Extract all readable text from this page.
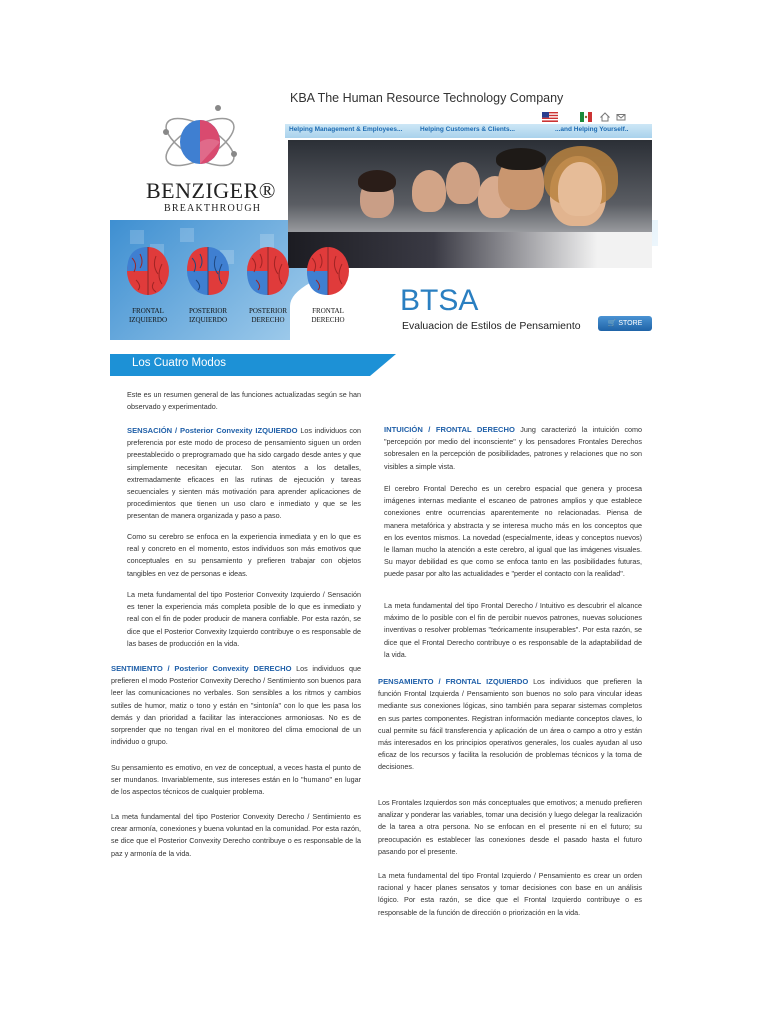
KBA The Human Resource Technology Company
BENZIGER®
BREAKTHROUGH
Helping Management & Employees...	Helping Customers & Clients...	...and Helping Yourself..
FRONTAL
IZQUIERDO
POSTERIOR
IZQUIERDO
POSTERIOR
DERECHO
FRONTAL
DERECHO
BTSA
Evaluacion de Estilos de Pensamiento	🛒 STORE
Los Cuatro Modos

Este es un resumen general de las funciones actualizadas según se han observado y experimentado.

SENSACIÓN / Posterior Convexity IZQUIERDO Los individuos con preferencia por este modo de proceso de pensamiento siguen un orden preestablecido o preprogramado que ha sido cargado desde antes y que simplemente necesitan ejecutar. Son atentos a los detalles, extremadamente eficaces en las rutinas de ejecución y tareas secuenciales y sienten más motivación para aprender aplicaciones de procedimientos que tienen un uso claro e inmediato y que se les presentan de manera organizada y paso a paso.

Como su cerebro se enfoca en la experiencia inmediata y en lo que es real y concreto en el momento, estos individuos son más emotivos que conceptuales en su pensamiento y prefieren trabajar con objetos tangibles en vez de personas e ideas.

La meta fundamental del tipo Posterior Convexity Izquierdo / Sensación es tener la experiencia más completa posible de lo que es inmediato y real con el fin de poder producir de manera confiable. Por esta razón, se dice que el Posterior Convexity Izquierdo contribuye o es responsable de las bases de producción en la vida.

SENTIMIENTO / Posterior Convexity DERECHO Los individuos que prefieren el modo Posterior Convexity Derecho / Sentimiento son buenos para leer las comunicaciones no verbales. Son sensibles a los ritmos y cambios sutiles de humor, matiz o tono y están en "sintonía" con lo que les pasa los demás y dan prioridad a facilitar las interacciones armoniosas. No es de sorprender que no tengan rival en el monitoreo del clima emocional de un individuo o grupo.

Su pensamiento es emotivo, en vez de conceptual, a veces hasta el punto de ser mundanos. Invariablemente, sus intereses están en lo "humano" en lugar de los aspectos técnicos de cualquier problema.

La meta fundamental del tipo Posterior Convexity Derecho / Sentimiento es crear armonía, conexiones y buena voluntad en la comunidad. Por esta razón, se dice que el Posterior Convexity Derecho contribuye o es responsable de la paz y armonía de la vida.

INTUICIÓN / FRONTAL DERECHO Jung caracterizó la intuición como "percepción por medio del inconsciente" y los pensadores Frontales Derechos sobresalen en la percepción de posibilidades, patrones y relaciones que no son visibles a simple vista.

El cerebro Frontal Derecho es un cerebro espacial que genera y procesa imágenes internas mediante el escaneo de patrones amplios y que establece conexiones entre ocurrencias aparentemente no relacionadas. Piensa de manera metafórica y abstracta y se interesa mucho más en los conceptos que en los eventos mismos. La novedad (especialmente, ideas y conceptos nuevos) le llaman mucho la atención a este cerebro, al igual que las imágenes visuales. Su mayor debilidad es que como se enfoca tanto en las posibilidades futuras, puede pasar por alto las actualidades e "perder el contacto con la realidad".

La meta fundamental del tipo Frontal Derecho / Intuitivo es descubrir el alcance máximo de lo posible con el fin de percibir nuevos patrones, nuevas soluciones inventivas o resolver problemas "teóricamente insuperables". Por esta razón, se dice que el Frontal Derecho contribuye o es responsable de la adaptabilidad de la vida.

PENSAMIENTO / FRONTAL IZQUIERDO Los individuos que prefieren la función Frontal Izquierda / Pensamiento son buenos no solo para vincular ideas mediante sus conexiones lógicas, sino también para separar sistemas completos en sus partes componentes. Registran información mediante conceptos claves, lo cual permite su fácil transferencia y aplicación de un área o campo a otro y están más interesados en los principios operativos generales, los cuales ayudan al uso eficaz de los recursos y facilita la resolución de problemas técnicos y la toma de decisiones.

Los Frontales Izquierdos son más conceptuales que emotivos; a menudo prefieren analizar y ponderar las variables, tomar una decisión y luego delegar la realización de la tarea a otra persona. No se enfocan en el presente ni en el futuro; su preocupación es establecer las conexiones desde el pasado hasta el futuro pasando por el presente.

La meta fundamental del tipo Frontal Izquierdo / Pensamiento es crear un orden racional y hacer planes sensatos y tomar decisiones con base en un análisis lógico. Por esta razón, se dice que el Frontal Izquierdo contribuye o es responsable de la función de dirección o priorización en la vida.
